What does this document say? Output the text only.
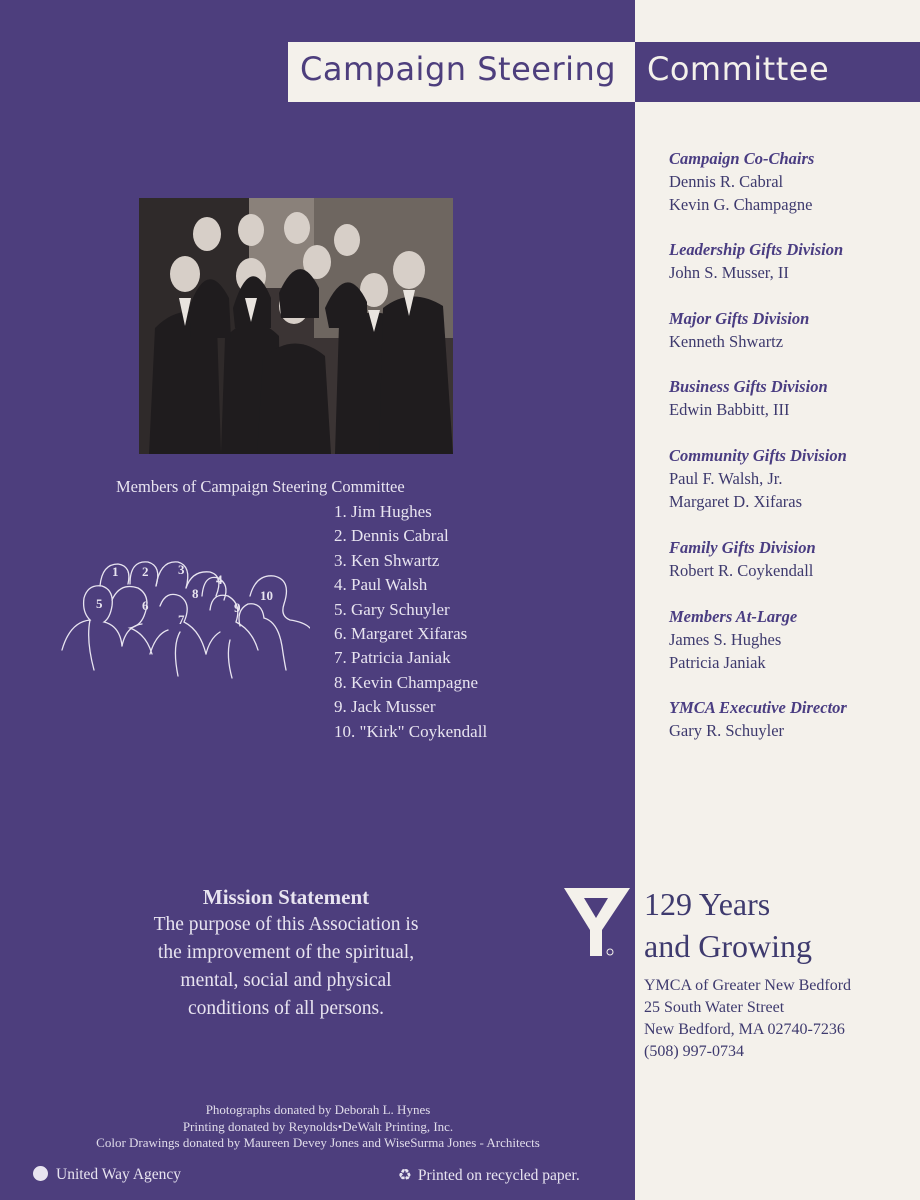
Campaign Steering Committee
Members of Campaign Steering Committee
1. Jim Hughes
2. Dennis Cabral
3. Ken Shwartz
4. Paul Walsh
5. Gary Schuyler
6. Margaret Xifaras
7. Patricia Janiak
8. Kevin Champagne
9. Jack Musser
10. "Kirk" Coykendall
1 2 3
4
5	6
7
8
9
10
Mission Statement

The purpose of this Association is

the improvement of the spiritual,

mental, social and physical

conditions of all persons.

Photographs donated by Deborah L. Hynes
Printing donated by Reynolds•DeWalt Printing, Inc.
Color Drawings donated by Maureen Devey Jones and WiseSurma Jones - Architects
United Way Agency	♻ Printed on recycled paper.
Campaign Co-Chairs
Dennis R. Cabral
Kevin G. Champagne
Leadership Gifts Division
John S. Musser, II
Major Gifts Division
Kenneth Shwartz
Business Gifts Division
Edwin Babbitt, III
Community Gifts Division
Paul F. Walsh, Jr.
Margaret D. Xifaras
Family Gifts Division
Robert R. Coykendall
Members At-Large
James S. Hughes
Patricia Janiak
YMCA Executive Director
Gary R. Schuyler
129 Years
and Growing
YMCA of Greater New Bedford
25 South Water Street
New Bedford, MA 02740-7236
(508) 997-0734
